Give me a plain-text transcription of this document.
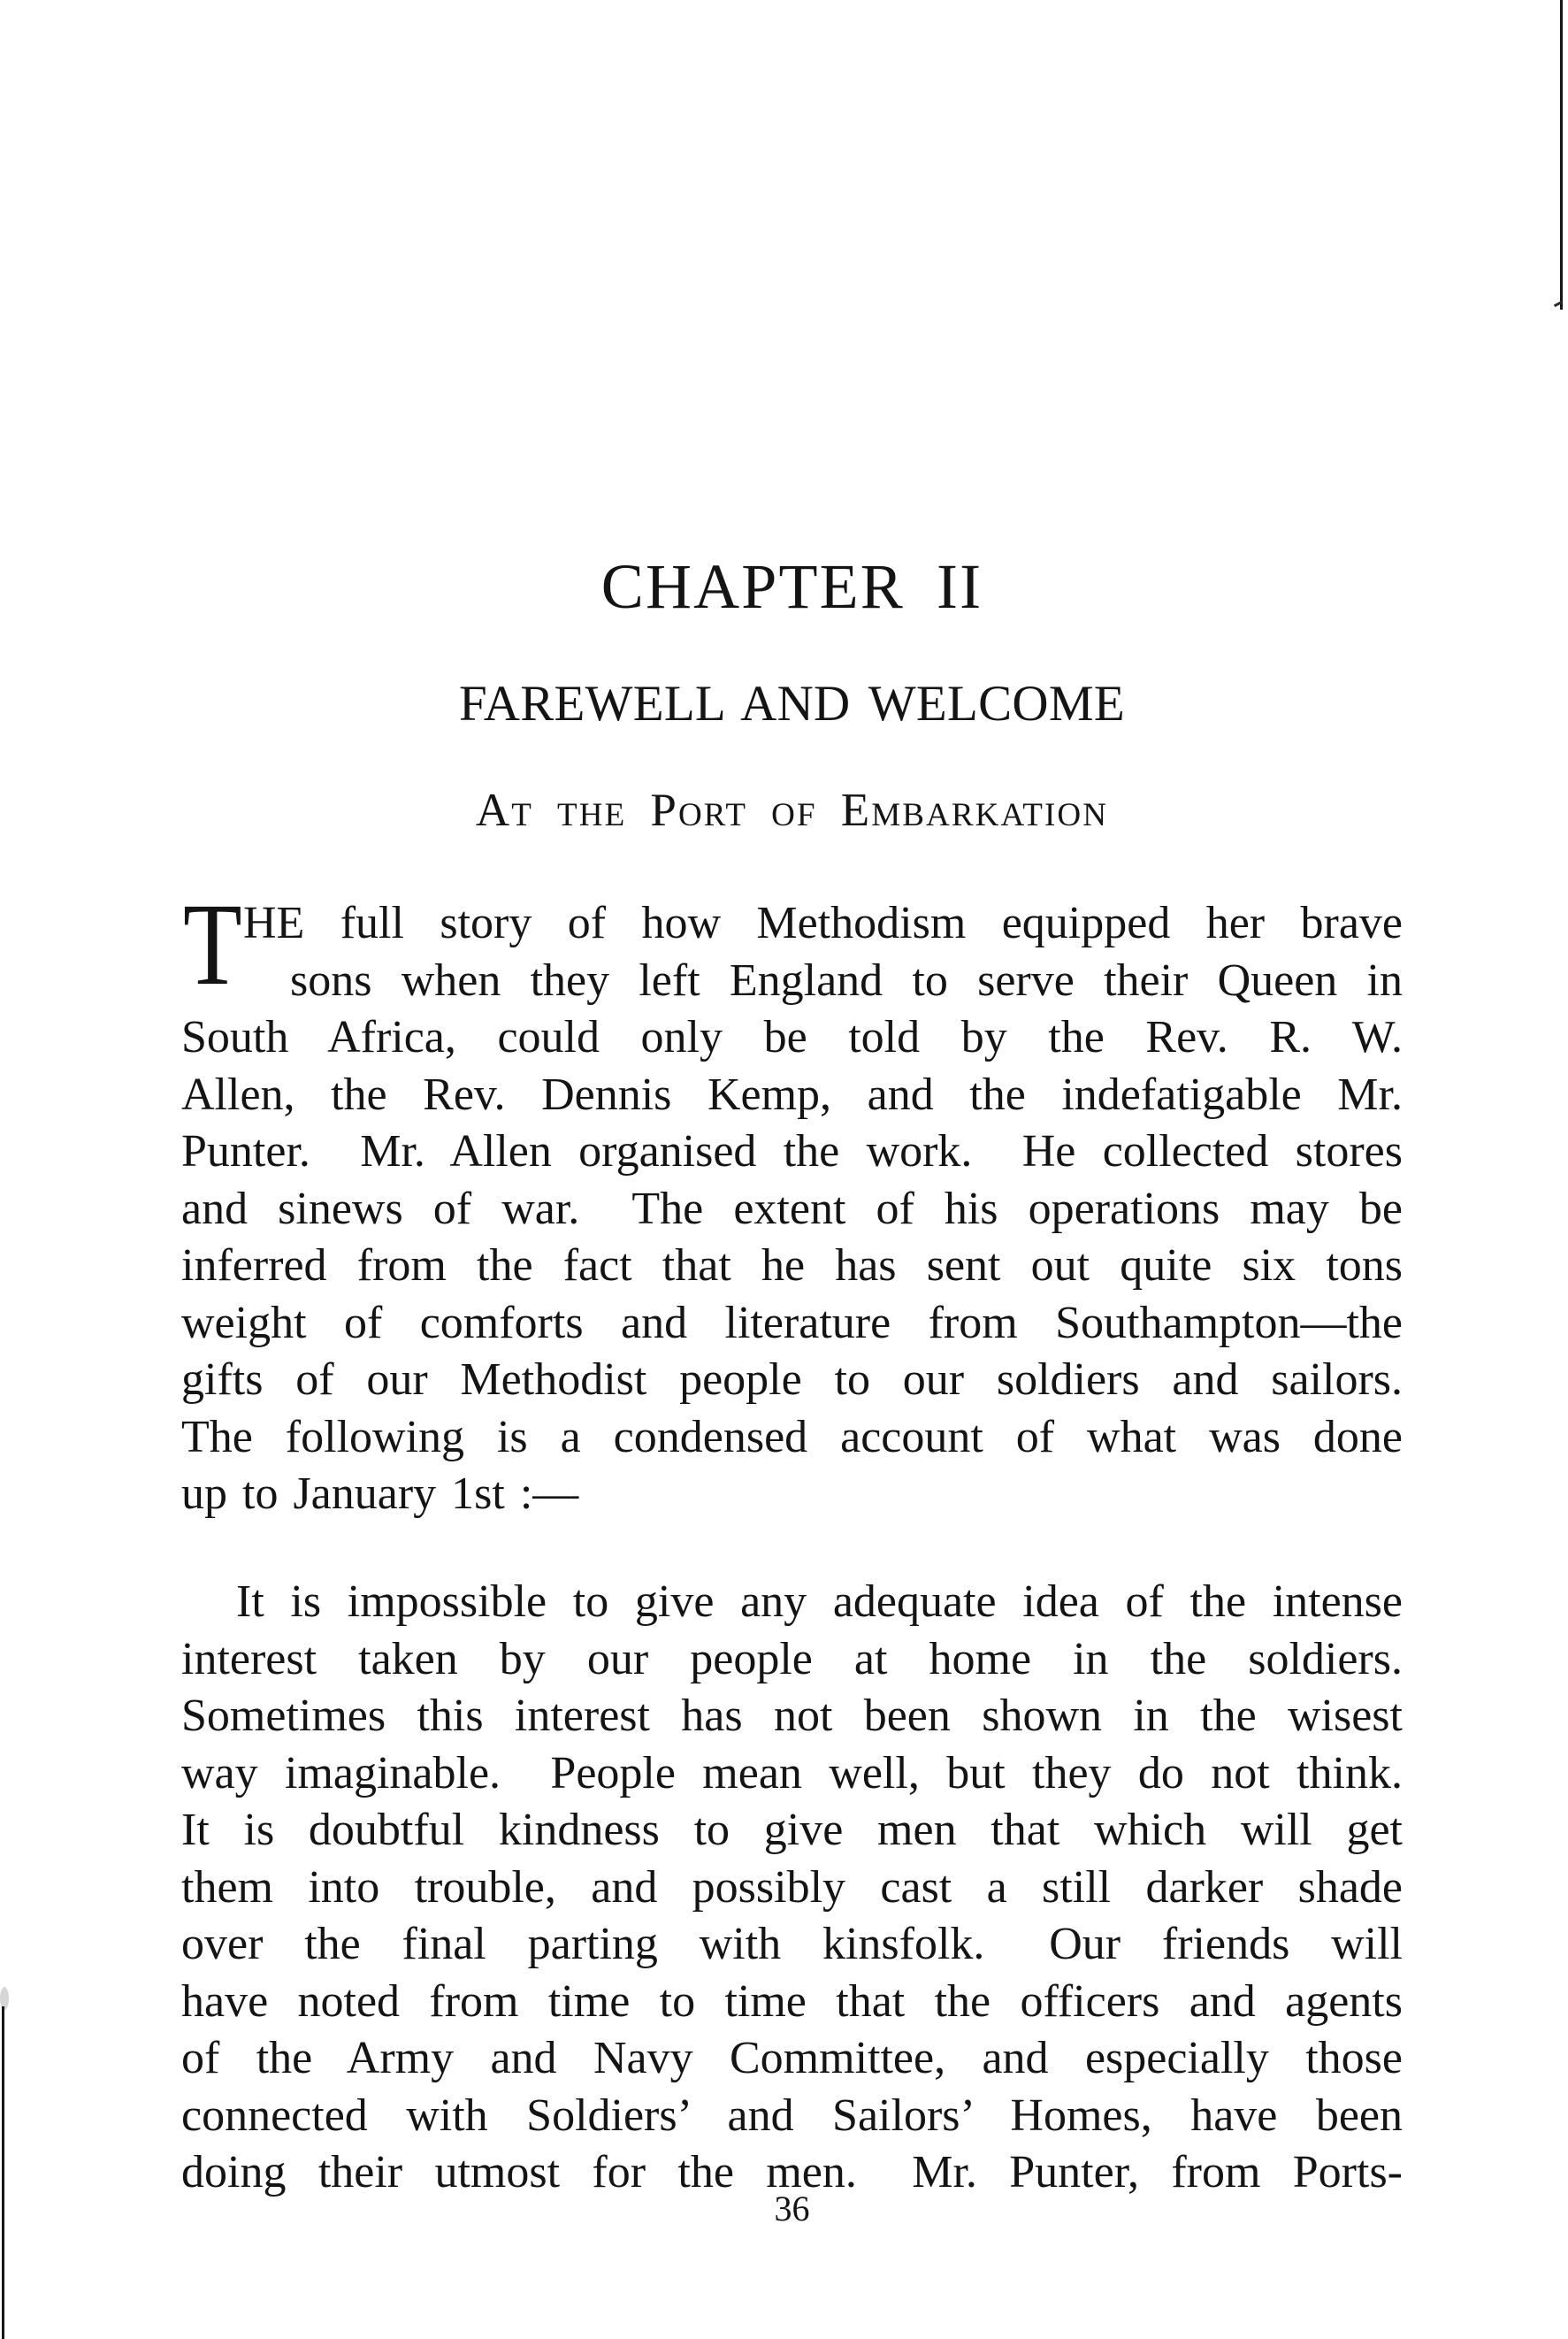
CHAPTER II
FAREWELL AND WELCOME
At the Port of Embarkation
T HE full story of how Methodism equipped her brave
sons when they left England to serve their Queen in
South Africa, could only be told by the Rev. R. W.
Allen, the Rev. Dennis Kemp, and the indefatigable Mr.
Punter.  Mr. Allen organised the work.  He collected stores
and sinews of war.  The extent of his operations may be
inferred from the fact that he has sent out quite six tons
weight of comforts and literature from Southampton—the
gifts of our Methodist people to our soldiers and sailors.
The following is a condensed account of what was done
up to January 1st :—
It is impossible to give any adequate idea of the intense
interest taken by our people at home in the soldiers.
Sometimes this interest has not been shown in the wisest
way imaginable.  People mean well, but they do not think.
It is doubtful kindness to give men that which will get
them into trouble, and possibly cast a still darker shade
over the final parting with kinsfolk.  Our friends will
have noted from time to time that the officers and agents
of the Army and Navy Committee, and especially those
connected with Soldiers’ and Sailors’ Homes, have been
doing their utmost for the men.  Mr. Punter, from Ports-
36
